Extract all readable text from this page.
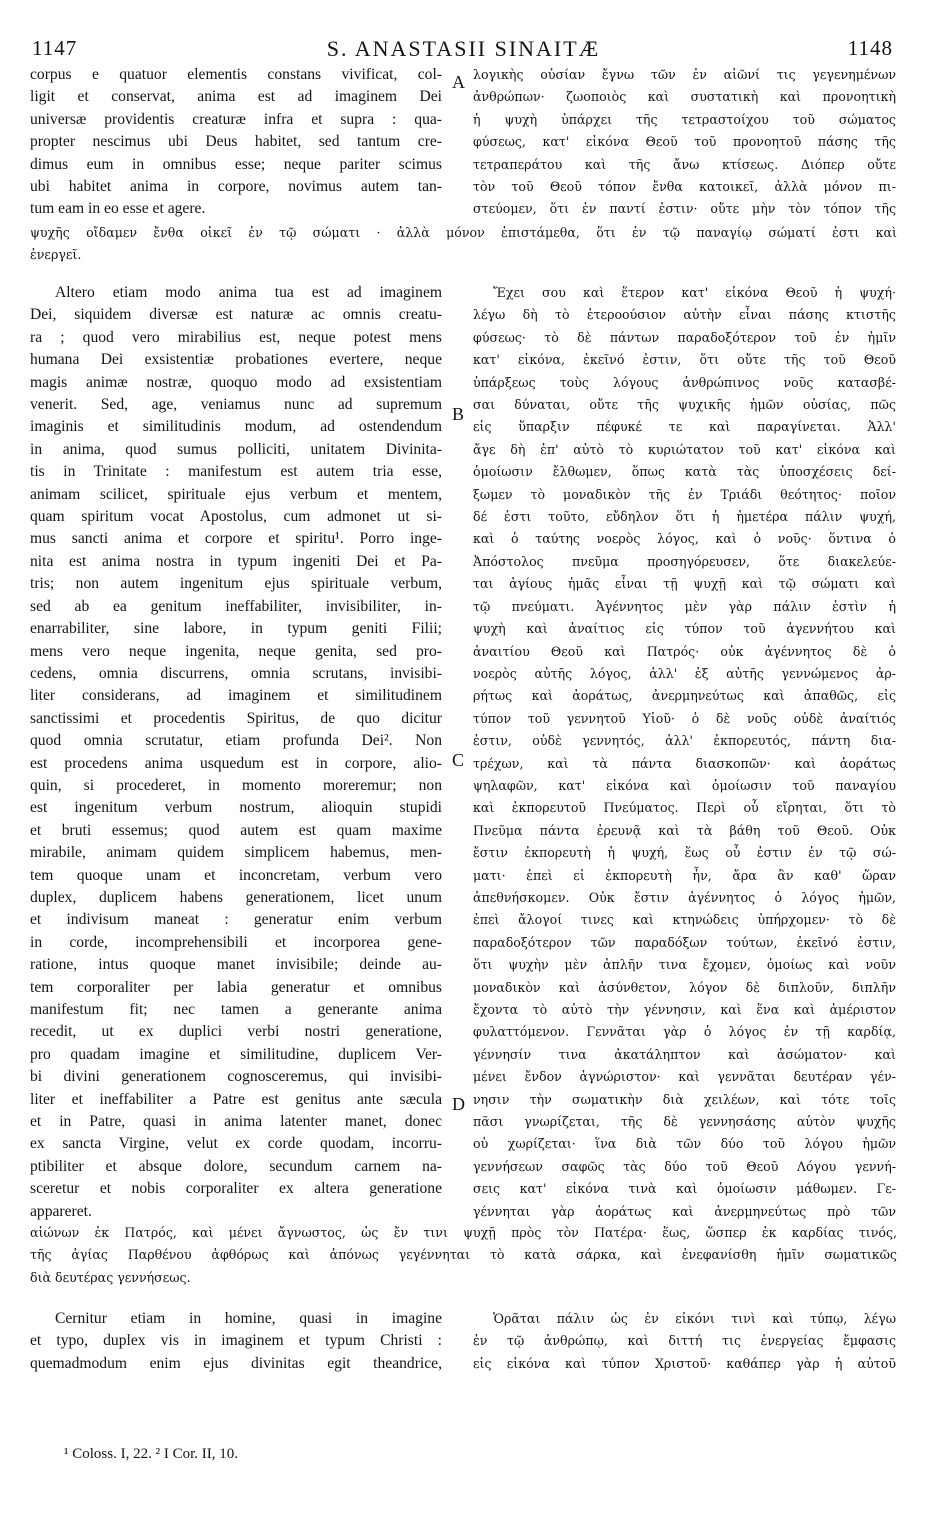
1147	S. ANASTASII SINAITÆ	1148
corpus e quatuor elementis constans vivificat, col-
ligit et conservat, anima est ad imaginem Dei
universæ providentis creaturæ infra et supra : qua-
propter nescimus ubi Deus habitet, sed tantum cre-
dimus eum in omnibus esse; neque pariter scimus
ubi habitet anima in corpore, novimus autem tan-
tum eam in eo esse et agere.
λογικὴς οὐσίαν ἔγνω τῶν ἐν αἰῶνί τις γεγενημένων
ἀνθρώπων· ζωοποιὸς καὶ συστατικὴ καὶ προνοητικὴ
ἡ ψυχὴ ὑπάρχει τῆς τετραστοίχου τοῦ σώματος
φύσεως, κατ' εἰκόνα Θεοῦ τοῦ προνοητοῦ πάσης τῆς
τετραπεράτου καὶ τῆς ἄνω κτίσεως. Διόπερ οὔτε
τὸν τοῦ Θεοῦ τόπον ἔνθα κατοικεῖ, ἀλλὰ μόνον πι-
στεύομεν, ὅτι ἐν παντί ἐστιν· οὔτε μὴν τὸν τόπον τῆς
ψυχῆς οἴδαμεν ἔνθα οἰκεῖ ἐν τῷ σώματι · ἀλλὰ μόνον ἐπιστάμεθα, ὅτι ἐν τῷ παναγίῳ σώματί ἐστι καὶ
ἐνεργεῖ.
Altero etiam modo anima tua est ad imaginem
Dei, siquidem diversæ est naturæ ac omnis creatu-
ra ; quod vero mirabilius est, neque potest mens
humana Dei exsistentiæ probationes evertere, neque
magis animæ nostræ, quoquo modo ad exsistentiam
venerit. Sed, age, veniamus nunc ad supremum
imaginis et similitudinis modum, ad ostendendum
in anima, quod sumus polliciti, unitatem Divinita-
tis in Trinitate : manifestum est autem tria esse,
animam scilicet, spirituale ejus verbum et mentem,
quam spiritum vocat Apostolus, cum admonet ut si-
mus sancti anima et corpore et spiritu¹. Porro inge-
nita est anima nostra in typum ingeniti Dei et Pa-
tris; non autem ingenitum ejus spirituale verbum,
sed ab ea genitum ineffabiliter, invisibiliter, in-
enarrabiliter, sine labore, in typum geniti Filii;
mens vero neque ingenita, neque genita, sed pro-
cedens, omnia discurrens, omnia scrutans, invisibi-
liter considerans, ad imaginem et similitudinem
sanctissimi et procedentis Spiritus, de quo dicitur
quod omnia scrutatur, etiam profunda Dei². Non
est procedens anima usquedum est in corpore, alio-
quin, si procederet, in momento moreremur; non
est ingenitum verbum nostrum, alioquin stupidi
et bruti essemus; quod autem est quam maxime
mirabile, animam quidem simplicem habemus, men-
tem quoque unam et inconcretam, verbum vero
duplex, duplicem habens generationem, licet unum
et indivisum maneat : generatur enim verbum
in corde, incomprehensibili et incorporea gene-
ratione, intus quoque manet invisibile; deinde au-
tem corporaliter per labia generatur et omnibus
manifestum fit; nec tamen a generante anima
recedit, ut ex duplici verbi nostri generatione,
pro quadam imagine et similitudine, duplicem Ver-
bi divini generationem cognosceremus, qui invisibi-
liter et ineffabiliter a Patre est genitus ante sæcula
et in Patre, quasi in anima latenter manet, donec
ex sancta Virgine, velut ex corde quodam, incorru-
ptibiliter et absque dolore, secundum carnem na-
sceretur et nobis corporaliter ex altera generatione
appareret.
Ἔχει σου καὶ ἕτερον κατ' εἰκόνα Θεοῦ ἡ ψυχή·
λέγω δὴ τὸ ἑτεροούσιον αὐτὴν εἶναι πάσης κτιστῆς
φύσεως· τὸ δὲ πάντων παραδοξότερον τοῦ ἐν ἡμῖν
κατ' εἰκόνα, ἐκεῖνό ἐστιν, ὅτι οὔτε τῆς τοῦ Θεοῦ
ὑπάρξεως τοὺς λόγους ἀνθρώπινος νοῦς κατασβέ-
σαι δύναται, οὔτε τῆς ψυχικῆς ἡμῶν οὐσίας, πῶς
εἰς ὕπαρξιν πέφυκέ τε καὶ παραγίνεται. Ἀλλ'
ἄγε δὴ ἐπ' αὐτὸ τὸ κυριώτατον τοῦ κατ' εἰκόνα καὶ
ὁμοίωσιν ἔλθωμεν, ὅπως κατὰ τὰς ὑποσχέσεις δεί-
ξωμεν τὸ μοναδικὸν τῆς ἐν Τριάδι θεότητος· ποῖον
δέ ἐστι τοῦτο, εὔδηλον ὅτι ἡ ἡμετέρα πάλιν ψυχή,
καὶ ὁ ταύτης νοερὸς λόγος, καὶ ὁ νοῦς· ὅντινα ὁ
Ἀπόστολος πνεῦμα προσηγόρευσεν, ὅτε διακελεύε-
ται ἁγίους ἡμᾶς εἶναι τῇ ψυχῇ καὶ τῷ σώματι καὶ
τῷ πνεύματι. Ἀγέννητος μὲν γὰρ πάλιν ἐστὶν ἡ
ψυχὴ καὶ ἀναίτιος εἰς τύπον τοῦ ἀγεννήτου καὶ
ἀναιτίου Θεοῦ καὶ Πατρός· οὐκ ἀγέννητος δὲ ὁ
νοερὸς αὐτῆς λόγος, ἀλλ' ἐξ αὐτῆς γεννώμενος ἀρ-
ρήτως καὶ ἀοράτως, ἀνερμηνεύτως καὶ ἀπαθῶς, εἰς
τύπον τοῦ γεννητοῦ Υἱοῦ· ὁ δὲ νοῦς οὐδὲ ἀναίτιός
ἐστιν, οὐδὲ γεννητός, ἀλλ' ἐκπορευτός, πάντη δια-
τρέχων, καὶ τὰ πάντα διασκοπῶν· καὶ ἀοράτως
ψηλαφῶν, κατ' εἰκόνα καὶ ὁμοίωσιν τοῦ παναγίου
καὶ ἐκπορευτοῦ Πνεύματος. Περὶ οὗ εἴρηται, ὅτι τὸ
Πνεῦμα πάντα ἐρευνᾷ καὶ τὰ βάθη τοῦ Θεοῦ. Οὐκ
ἔστιν ἐκπορευτὴ ἡ ψυχή, ἕως οὗ ἐστιν ἐν τῷ σώ-
ματι· ἐπεὶ εἰ ἐκπορευτὴ ἦν, ἄρα ἂν καθ' ὥραν
ἀπεθνήσκομεν. Οὐκ ἔστιν ἀγέννητος ὁ λόγος ἡμῶν,
ἐπεὶ ἄλογοί τινες καὶ κτηνώδεις ὑπήρχομεν· τὸ δὲ
παραδοξότερον τῶν παραδόξων τούτων, ἐκεῖνό ἐστιν,
ὅτι ψυχὴν μὲν ἁπλῆν τινα ἔχομεν, ὁμοίως καὶ νοῦν
μοναδικὸν καὶ ἀσύνθετον, λόγον δὲ διπλοῦν, διπλῆν
ἔχοντα τὸ αὐτὸ τὴν γέννησιν, καὶ ἕνα καὶ ἀμέριστον
φυλαττόμενον. Γεννᾶται γὰρ ὁ λόγος ἐν τῇ καρδίᾳ,
γέννησίν τινα ἀκατάληπτον καὶ ἀσώματον· καὶ
μένει ἔνδον ἀγνώριστον· καὶ γεννᾶται δευτέραν γέν-
νησιν τὴν σωματικὴν διὰ χειλέων, καὶ τότε τοῖς
πᾶσι γνωρίζεται, τῆς δὲ γεννησάσης αὐτὸν ψυχῆς
οὐ χωρίζεται· ἵνα διὰ τῶν δύο τοῦ λόγου ἡμῶν
γεννήσεων σαφῶς τὰς δύο τοῦ Θεοῦ Λόγου γεννή-
σεις κατ' εἰκόνα τινὰ καὶ ὁμοίωσιν μάθωμεν. Γε-
γέννηται γὰρ ἀοράτως καὶ ἀνερμηνεύτως πρὸ τῶν
αἰώνων ἐκ Πατρός, καὶ μένει ἄγνωστος, ὡς ἔν τινι ψυχῇ πρὸς τὸν Πατέρα· ἕως, ὥσπερ ἐκ καρδίας τινός,
τῆς ἁγίας Παρθένου ἀφθόρως καὶ ἀπόνως γεγέννηται τὸ κατὰ σάρκα, καὶ ἐνεφανίσθη ἡμῖν σωματικῶς
διὰ δευτέρας γεννήσεως.
Cernitur etiam in homine, quasi in imagine
et typo, duplex vis in imaginem et typum Christi :
quemadmodum enim ejus divinitas egit theandrice,
Ὁρᾶται πάλιν ὡς ἐν εἰκόνι τινὶ καὶ τύπῳ, λέγω
ἐν τῷ ἀνθρώπῳ, καὶ διττή τις ἐνεργείας ἔμφασις
εἰς εἰκόνα καὶ τύπον Χριστοῦ· καθάπερ γὰρ ἡ αὐτοῦ
A
B
C
D
¹ Coloss. I, 22. ² I Cor. II, 10.
